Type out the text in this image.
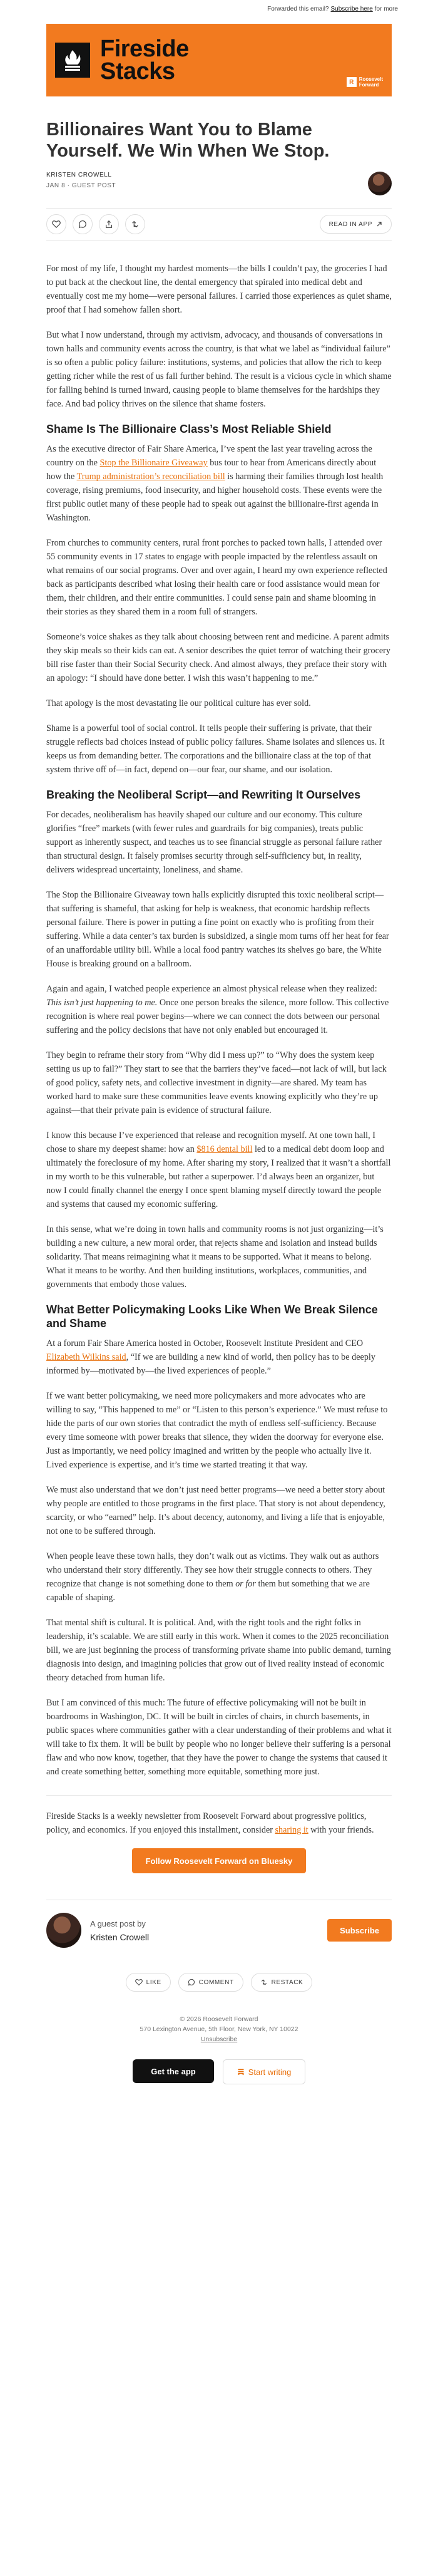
Forwarded this email? Subscribe here for more
Fireside
Stacks	R	Roosevelt
Forward
Billionaires Want You to Blame Yourself. We Win When We Stop.
KRISTEN CROWELL
JAN 8 · GUEST POST
READ IN APP

For most of my life, I thought my hardest moments—the bills I couldn’t pay, the groceries I had to put back at the checkout line, the dental emergency that spiraled into medical debt and eventually cost me my home—were personal failures. I carried those experiences as quiet shame, proof that I had somehow fallen short.

But what I now understand, through my activism, advocacy, and thousands of conversations in town halls and community events across the country, is that what we label as “individual failure” is so often a public policy failure: institutions, systems, and policies that allow the rich to keep getting richer while the rest of us fall further behind. The result is a vicious cycle in which shame for falling behind is turned inward, causing people to blame themselves for the hardships they face. And bad policy thrives on the silence that shame fosters.

Shame Is The Billionaire Class’s Most Reliable Shield

As the executive director of Fair Share America, I’ve spent the last year traveling across the country on the Stop the Billionaire Giveaway bus tour to hear from Americans directly about how the Trump administration’s reconciliation bill is harming their families through lost health coverage, rising premiums, food insecurity, and higher household costs. These events were the first public outlet many of these people had to speak out against the billionaire-first agenda in Washington.

From churches to community centers, rural front porches to packed town halls, I attended over 55 community events in 17 states to engage with people impacted by the relentless assault on what remains of our social programs. Over and over again, I heard my own experience reflected back as participants described what losing their health care or food assistance would mean for them, their children, and their entire communities. I could sense pain and shame blooming in their stories as they shared them in a room full of strangers.

Someone’s voice shakes as they talk about choosing between rent and medicine. A parent admits they skip meals so their kids can eat. A senior describes the quiet terror of watching their grocery bill rise faster than their Social Security check. And almost always, they preface their story with an apology: “I should have done better. I wish this wasn’t happening to me.”

That apology is the most devastating lie our political culture has ever sold.

Shame is a powerful tool of social control. It tells people their suffering is private, that their struggle reflects bad choices instead of public policy failures. Shame isolates and silences us. It keeps us from demanding better. The corporations and the billionaire class at the top of that system thrive off of—in fact, depend on—our fear, our shame, and our isolation.

Breaking the Neoliberal Script—and Rewriting It Ourselves

For decades, neoliberalism has heavily shaped our culture and our economy. This culture glorifies “free” markets (with fewer rules and guardrails for big companies), treats public support as inherently suspect, and teaches us to see financial struggle as personal failure rather than structural design. It falsely promises security through self-sufficiency but, in reality, delivers widespread uncertainty, loneliness, and shame.

The Stop the Billionaire Giveaway town halls explicitly disrupted this toxic neoliberal script—that suffering is shameful, that asking for help is weakness, that economic hardship reflects personal failure. There is power in putting a fine point on exactly who is profiting from their suffering. While a data center’s tax burden is subsidized, a single mom turns off her heat for fear of an unaffordable utility bill. While a local food pantry watches its shelves go bare, the White House is breaking ground on a ballroom.

Again and again, I watched people experience an almost physical release when they realized: This isn’t just happening to me. Once one person breaks the silence, more follow. This collective recognition is where real power begins—where we can connect the dots between our personal suffering and the policy decisions that have not only enabled but encouraged it.

They begin to reframe their story from “Why did I mess up?” to “Why does the system keep setting us up to fail?” They start to see that the barriers they’ve faced—not lack of will, but lack of good policy, safety nets, and collective investment in dignity—are shared. My team has worked hard to make sure these communities leave events knowing explicitly who they’re up against—that their private pain is evidence of structural failure.

I know this because I’ve experienced that release and recognition myself. At one town hall, I chose to share my deepest shame: how an $816 dental bill led to a medical debt doom loop and ultimately the foreclosure of my home. After sharing my story, I realized that it wasn’t a shortfall in my worth to be this vulnerable, but rather a superpower. I’d always been an organizer, but now I could finally channel the energy I once spent blaming myself directly toward the people and systems that caused my economic suffering.

In this sense, what we’re doing in town halls and community rooms is not just organizing—it’s building a new culture, a new moral order, that rejects shame and isolation and instead builds solidarity. That means reimagining what it means to be supported. What it means to belong. What it means to be worthy. And then building institutions, workplaces, communities, and governments that embody those values.

What Better Policymaking Looks Like When We Break Silence and Shame

At a forum Fair Share America hosted in October, Roosevelt Institute President and CEO Elizabeth Wilkins said, “If we are building a new kind of world, then policy has to be deeply informed by—motivated by—the lived experiences of people.”

If we want better policymaking, we need more policymakers and more advocates who are willing to say, “This happened to me” or “Listen to this person’s experience.” We must refuse to hide the parts of our own stories that contradict the myth of endless self-sufficiency. Because every time someone with power breaks that silence, they widen the doorway for everyone else. Just as importantly, we need policy imagined and written by the people who actually live it. Lived experience is expertise, and it’s time we started treating it that way.

We must also understand that we don’t just need better programs—we need a better story about why people are entitled to those programs in the first place. That story is not about dependency, scarcity, or who “earned” help. It’s about decency, autonomy, and living a life that is enjoyable, not one to be suffered through.

When people leave these town halls, they don’t walk out as victims. They walk out as authors who understand their story differently. They see how their struggle connects to others. They recognize that change is not something done to them or for them but something that we are capable of shaping.

That mental shift is cultural. It is political. And, with the right tools and the right folks in leadership, it’s scalable. We are still early in this work. When it comes to the 2025 reconciliation bill, we are just beginning the process of transforming private shame into public demand, turning diagnosis into design, and imagining policies that grow out of lived reality instead of economic theory detached from human life.

But I am convinced of this much: The future of effective policymaking will not be built in boardrooms in Washington, DC. It will be built in circles of chairs, in church basements, in public spaces where communities gather with a clear understanding of their problems and what it will take to fix them. It will be built by people who no longer believe their suffering is a personal flaw and who now know, together, that they have the power to change the systems that caused it and create something better, something more equitable, something more just.

Fireside Stacks is a weekly newsletter from Roosevelt Forward about progressive politics, policy, and economics. If you enjoyed this installment, consider sharing it with your friends.

Follow Roosevelt Forward on Bluesky
A guest post by
Kristen Crowell
Subscribe
LIKE	COMMENT	RESTACK
© 2026 Roosevelt Forward
570 Lexington Avenue, 5th Floor, New York, NY 10022
Unsubscribe
Get the app	Start writing
